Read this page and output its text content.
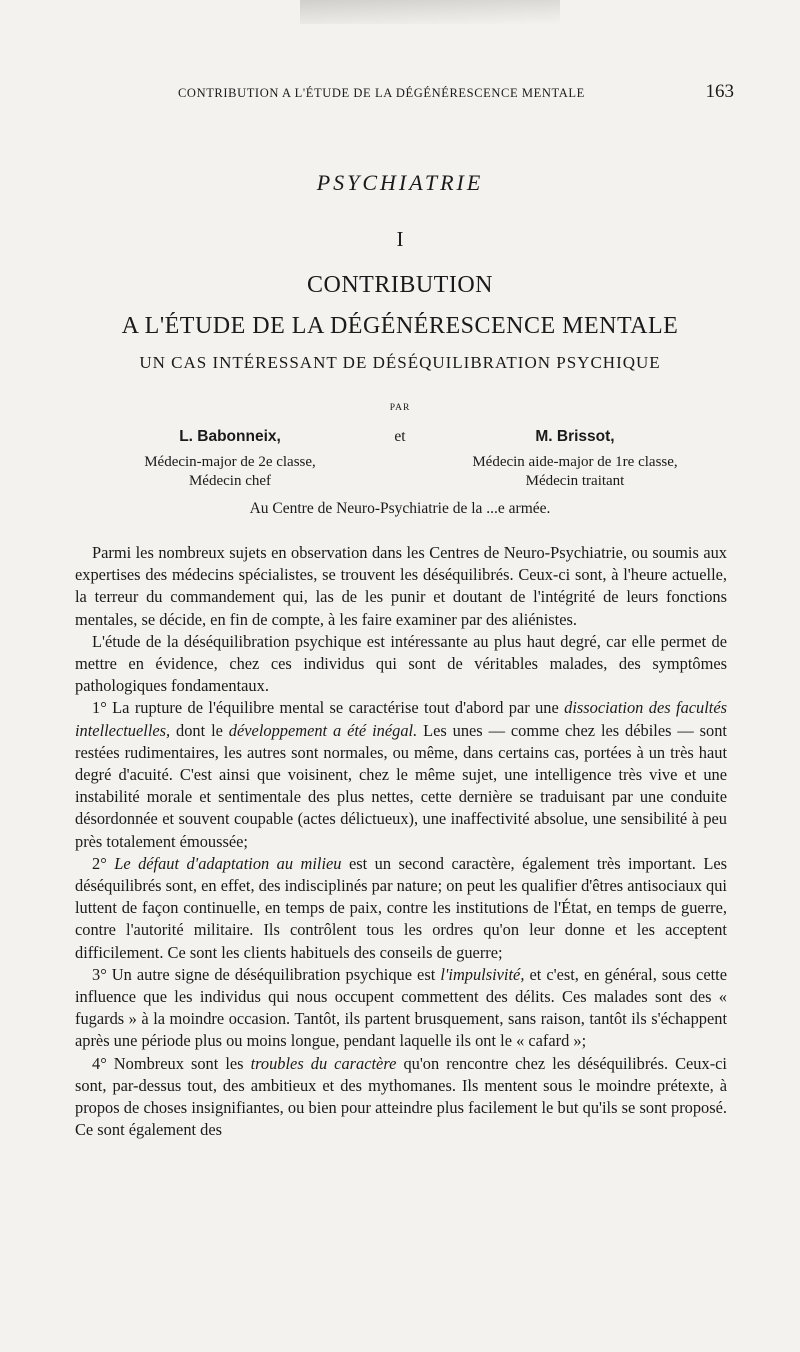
CONTRIBUTION A L'ÉTUDE DE LA DÉGÉNÉRESCENCE MENTALE	163
PSYCHIATRIE
I
CONTRIBUTION
A L'ÉTUDE DE LA DÉGÉNÉRESCENCE MENTALE
UN CAS INTÉRESSANT DE DÉSÉQUILIBRATION PSYCHIQUE
PAR
L. Babonneix,
Médecin-major de 2e classe,
Médecin chef
et	M. Brissot,
Médecin aide-major de 1re classe,
Médecin traitant
Au Centre de Neuro-Psychiatrie de la ...e armée.

Parmi les nombreux sujets en observation dans les Centres de Neuro-Psychiatrie, ou soumis aux expertises des médecins spécialistes, se trouvent les déséquilibrés. Ceux-ci sont, à l'heure actuelle, la terreur du commandement qui, las de les punir et doutant de l'intégrité de leurs fonctions mentales, se décide, en fin de compte, à les faire examiner par des aliénistes.

L'étude de la déséquilibration psychique est intéressante au plus haut degré, car elle permet de mettre en évidence, chez ces individus qui sont de véritables malades, des symptômes pathologiques fondamentaux.

1° La rupture de l'équilibre mental se caractérise tout d'abord par une dissociation des facultés intellectuelles, dont le développement a été inégal. Les unes — comme chez les débiles — sont restées rudimentaires, les autres sont normales, ou même, dans certains cas, portées à un très haut degré d'acuité. C'est ainsi que voisinent, chez le même sujet, une intelligence très vive et une instabilité morale et sentimentale des plus nettes, cette dernière se traduisant par une conduite désordonnée et souvent coupable (actes délictueux), une inaffectivité absolue, une sensibilité à peu près totalement émoussée;

2° Le défaut d'adaptation au milieu est un second caractère, également très important. Les déséquilibrés sont, en effet, des indisciplinés par nature; on peut les qualifier d'êtres antisociaux qui luttent de façon continuelle, en temps de paix, contre les institutions de l'État, en temps de guerre, contre l'autorité militaire. Ils contrôlent tous les ordres qu'on leur donne et les acceptent difficilement. Ce sont les clients habituels des conseils de guerre;

3° Un autre signe de déséquilibration psychique est l'impulsivité, et c'est, en général, sous cette influence que les individus qui nous occupent commettent des délits. Ces malades sont des « fugards » à la moindre occasion. Tantôt, ils partent brusquement, sans raison, tantôt ils s'échappent après une période plus ou moins longue, pendant laquelle ils ont le « cafard »;

4° Nombreux sont les troubles du caractère qu'on rencontre chez les déséquilibrés. Ceux-ci sont, par-dessus tout, des ambitieux et des mythomanes. Ils mentent sous le moindre prétexte, à propos de choses insignifiantes, ou bien pour atteindre plus facilement le but qu'ils se sont proposé. Ce sont également des
